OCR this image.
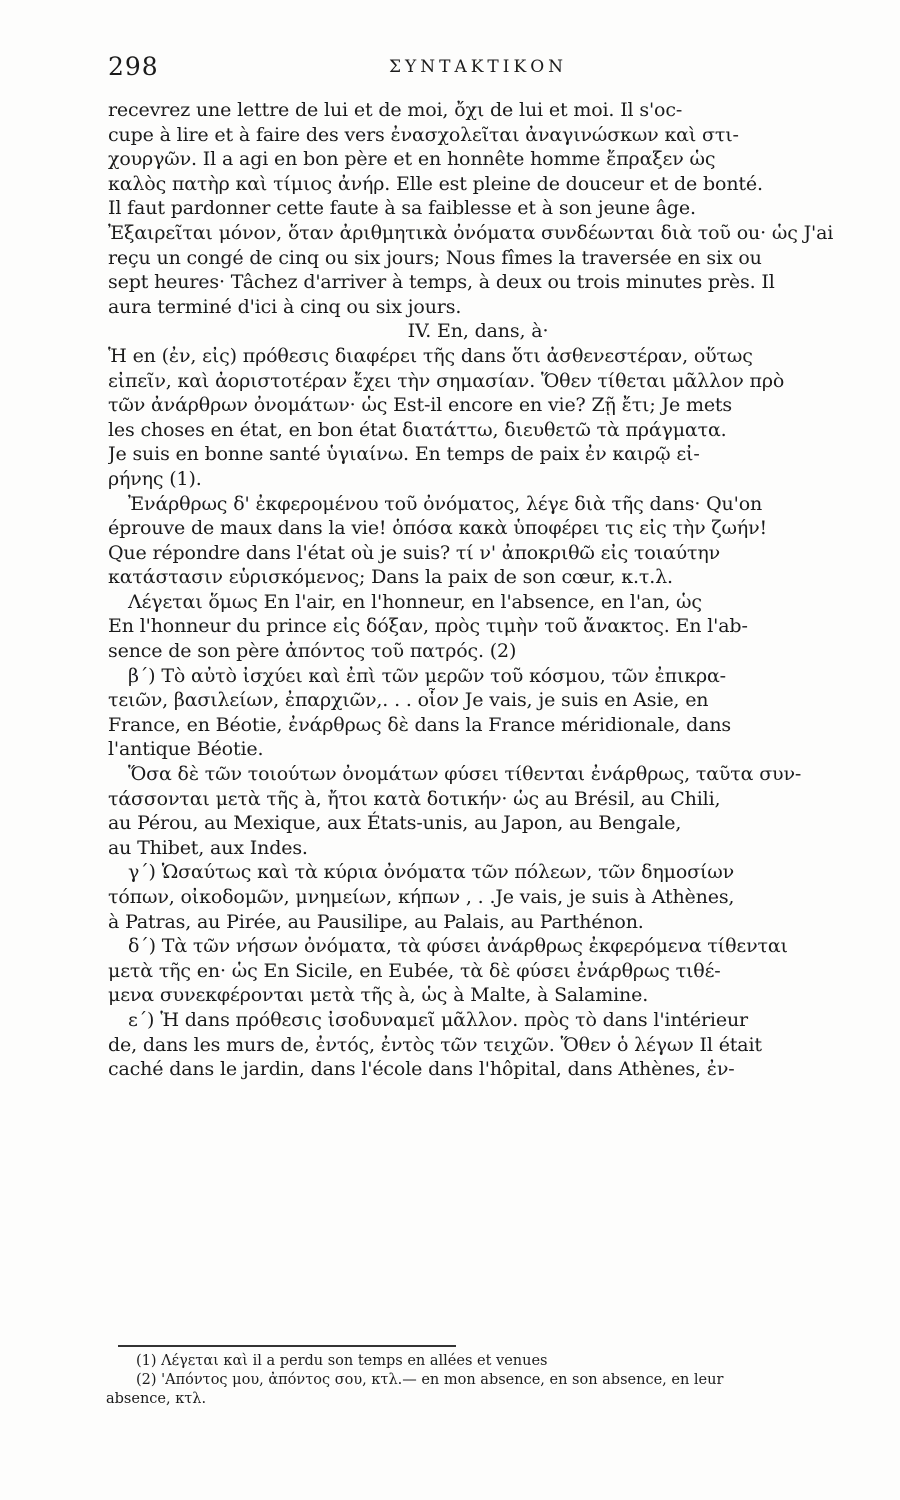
298	ΣΥΝΤΑΚΤΙΚΟΝ
recevrez une lettre de lui et de moi, ὄχι de lui et moi. Il s'oc-
cupe à lire et à faire des vers ἐνασχολεῖται ἀναγινώσκων καὶ στι-
χουργῶν. Il a agi en bon père et en honnête homme ἔπραξεν ὡς
καλὸς πατὴρ καὶ τίμιος ἀνήρ. Elle est pleine de douceur et de bonté.
Il faut pardonner cette faute à sa faiblesse et à son jeune âge.
Ἐξαιρεῖται μόνον, ὅταν ἀριθμητικὰ ὀνόματα συνδέωνται διὰ τοῦ ou· ὡς J'ai
reçu un congé de cinq ou six jours; Nous fîmes la traversée en six ou
sept heures· Tâchez d'arriver à temps, à deux ou trois minutes près. Il
aura terminé d'ici à cinq ou six jours.
IV. En, dans, à·
Ἡ en (ἐν, εἰς) πρόθεσις διαφέρει τῆς dans ὅτι ἀσθενεστέραν, οὕτως
εἰπεῖν, καὶ ἀοριστοτέραν ἔχει τὴν σημασίαν. Ὅθεν τίθεται μᾶλλον πρὸ
τῶν ἀνάρθρων ὀνομάτων· ὡς Est-il encore en vie? Ζῇ ἔτι; Je mets
les choses en état, en bon état διατάττω, διευθετῶ τὰ πράγματα.
Je suis en bonne santé ὑγιαίνω. En temps de paix ἐν καιρῷ εἰ-
ρήνης (1).
Ἐνάρθρως δ' ἐκφερομένου τοῦ ὀνόματος, λέγε διὰ τῆς dans· Qu'on
éprouve de maux dans la vie! ὁπόσα κακὰ ὑποφέρει τις εἰς τὴν ζωήν!
Que répondre dans l'état où je suis? τί ν' ἀποκριθῶ εἰς τοιαύτην
κατάστασιν εὑρισκόμενος; Dans la paix de son cœur, κ.τ.λ.
Λέγεται ὅμως En l'air, en l'honneur, en l'absence, en l'an, ὡς
En l'honneur du prince εἰς δόξαν, πρὸς τιμὴν τοῦ ἄνακτος. En l'ab-
sence de son père ἀπόντος τοῦ πατρός. (2)
β΄) Τὸ αὐτὸ ἰσχύει καὶ ἐπὶ τῶν μερῶν τοῦ κόσμου, τῶν ἐπικρα-
τειῶν, βασιλείων, ἐπαρχιῶν,. . . οἷον Je vais, je suis en Asie, en
France, en Béotie, ἐνάρθρως δὲ dans la France méridionale, dans
l'antique Béotie.
Ὅσα δὲ τῶν τοιούτων ὀνομάτων φύσει τίθενται ἐνάρθρως, ταῦτα συν-
τάσσονται μετὰ τῆς à, ἤτοι κατὰ δοτικήν· ὡς au Brésil, au Chili,
au Pérou, au Mexique, aux États-unis, au Japon, au Bengale,
au Thibet, aux Indes.
γ΄) Ὡσαύτως καὶ τὰ κύρια ὀνόματα τῶν πόλεων, τῶν δημοσίων
τόπων, οἰκοδομῶν, μνημείων, κήπων , . .Je vais, je suis à Athènes,
à Patras, au Pirée, au Pausilipe, au Palais, au Parthénon.
δ΄) Τὰ τῶν νήσων ὀνόματα, τὰ φύσει ἀνάρθρως ἐκφερόμενα τίθενται
μετὰ τῆς en· ὡς En Sicile, en Eubée, τὰ δὲ φύσει ἐνάρθρως τιθέ-
μενα συνεκφέρονται μετὰ τῆς à, ὡς à Malte, à Salamine.
ε΄) Ἡ dans πρόθεσις ἰσοδυναμεῖ μᾶλλον. πρὸς τὸ dans l'intérieur
de, dans les murs de, ἐντός, ἐντὸς τῶν τειχῶν. Ὅθεν ὁ λέγων Il était
caché dans le jardin, dans l'école dans l'hôpital, dans Athènes, ἐν-
(1) Λέγεται καὶ il a perdu son temps en allées et venues
(2) 'Απόντος μου, ἀπόντος σου, κτλ.— en mon absence, en son absence, en leur
absence, κτλ.
